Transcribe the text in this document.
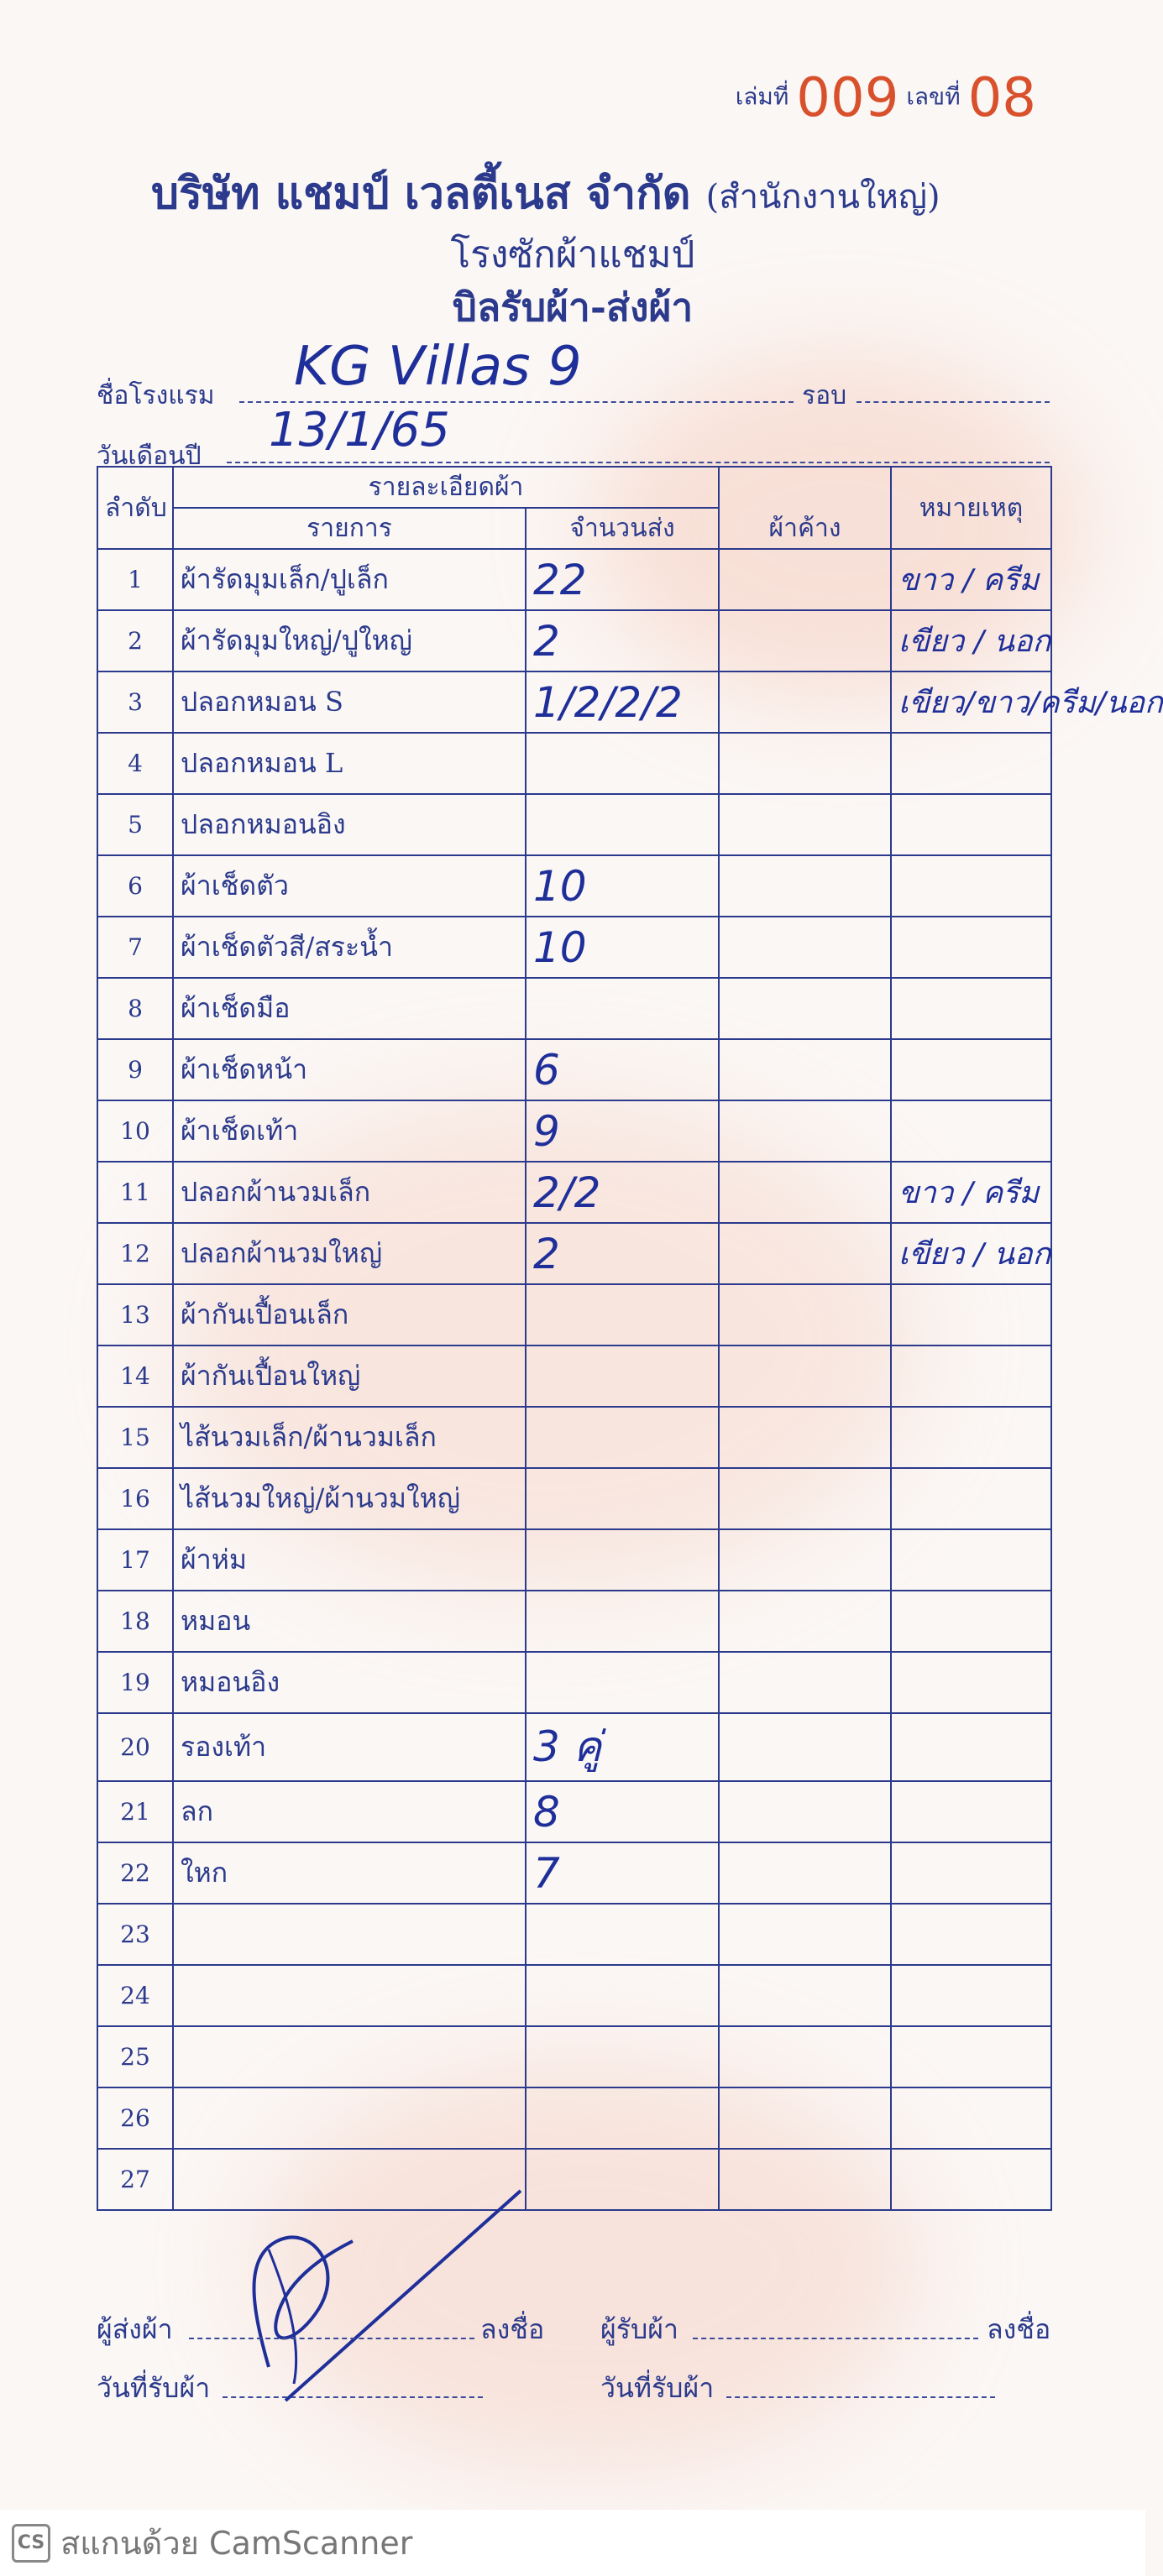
เล่มที่ 009 เลขที่ 08
บริษัท แชมป์ เวลตี้เนส จำกัด (สำนักงานใหญ่)
โรงซักผ้าแชมป์
บิลรับผ้า-ส่งผ้า
ชื่อโรงแรม KG Villas 9	รอบ
วันเดือนปี 13/1/65
ลำดับ	รายละเอียดผ้า		ผ้าค้าง	หมายเหตุ
	รายการ	จำนวนส่ง		
1	ผ้ารัดมุมเล็ก/ปูเล็ก	22		ขาว / ครีม
2	ผ้ารัดมุมใหญ่/ปูใหญ่	2		เขียว / นอก
3	ปลอกหมอน S	1/2/2/2		เขียว/ขาว/ครีม/นอก
4	ปลอกหมอน L			
5	ปลอกหมอนอิง			
6	ผ้าเช็ดตัว	10		
7	ผ้าเช็ดตัวสี/สระน้ำ	10		
8	ผ้าเช็ดมือ			
9	ผ้าเช็ดหน้า	6		
10	ผ้าเช็ดเท้า	9		
11	ปลอกผ้านวมเล็ก	2/2		ขาว / ครีม
12	ปลอกผ้านวมใหญ่	2		เขียว / นอก
13	ผ้ากันเปื้อนเล็ก			
14	ผ้ากันเปื้อนใหญ่			
15	ไส้นวมเล็ก/ผ้านวมเล็ก			
16	ไส้นวมใหญ่/ผ้านวมใหญ่			
17	ผ้าห่ม			
18	หมอน			
19	หมอนอิง			
20	รองเท้า	3 คู่		
21	ลก	8		
22	ใหก	7		
23				
24				
25				
26				
27				
ผู้ส่งผ้า	ลงชื่อ ผู้รับผ้า	ลงชื่อ
วันที่รับผ้า	วันที่รับผ้า
CS สแกนด้วย CamScanner
